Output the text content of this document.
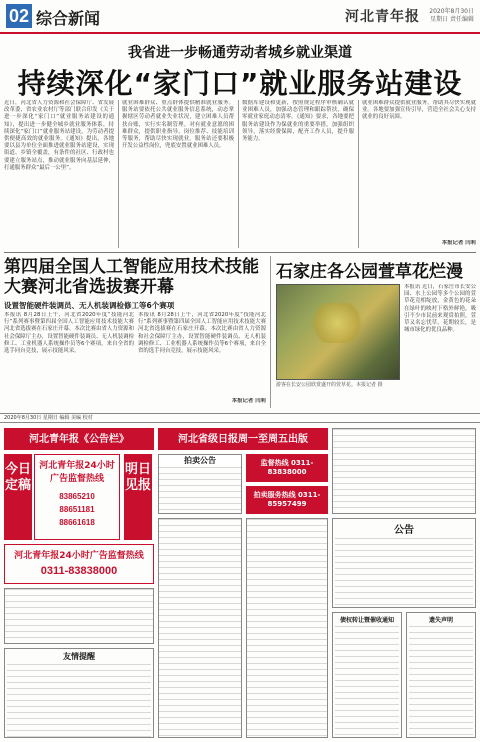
02 综合新闻	河北青年报	2020年8月30日 星期日 责任编辑
我省进一步畅通劳动者城乡就业渠道
持续深化“家门口”就业服务站建设
近日，河北省人力资源和社会保障厅、省发展改革委、省农业农村厅等部门联合印发《关于进一步深化“家门口”就业服务站建设的通知》，提出进一步健全城乡就业服务体系，持续深化“家门口”就业服务站建设，为劳动者提供便捷高效的就业服务。《通知》提出，各地要以县为单位全面推进就业服务站建设，实现街道、乡镇全覆盖，有条件的社区、行政村也要建立服务站点，推动就业服务向基层延伸，打通服务群众“最后一公里”。
就业困难群众、重点群体提供精准就业服务。服务站要依托公共就业服务信息系统，动态掌握辖区劳动者就业失业状况，建立困难人员帮扶台账，实行实名制管理。对有就业意愿的困难群众，提供职业指导、岗位推荐、技能培训等服务，帮助尽快实现就业。服务站还要积极开发公益性岗位，兜底安置就业困难人员。
数据库建设和更新，按照规定程序审核确认就业困难人员，加强动态管理和跟踪帮扶，确保零就业家庭动态清零。《通知》要求，各地要把服务站建设作为保就业的重要举措，加强组织领导，落实经费保障，配齐工作人员，提升服务能力。
就业困难群众提供就业服务，帮助其尽快实现就业。各地要加强宣传引导，营造全社会关心支持就业的良好氛围。
本报记者 闫莉
第四届全国人工智能应用技术技能大赛河北省选拔赛开幕
设置智能硬件装调员、无人机装调检修工等6个赛项
本报讯 8月28日上午，河北省2020年度“技能河北行”系列赛事暨第四届全国人工智能应用技术技能大赛河北省选拔赛在石家庄开幕。本次比赛由省人力资源和社会保障厅主办，设置智能硬件装调员、无人机装调检修工、工业机器人系统操作员等6个赛项，来自全省的选手同台竞技，展示技能风采。
本报讯 8月28日上午，河北省2020年度“技能河北行”系列赛事暨第四届全国人工智能应用技术技能大赛河北省选拔赛在石家庄开幕。本次比赛由省人力资源和社会保障厅主办，设置智能硬件装调员、无人机装调检修工、工业机器人系统操作员等6个赛项，来自全省的选手同台竞技，展示技能风采。
本报记者 闫莉
石家庄各公园萱草花烂漫
游客在长安公园欣赏盛开的萱草花。本报记者 摄
本报讯 近日，石家庄市长安公园、水上公园等多个公园的萱草花竞相绽放，金黄色的花朵在绿叶的映衬下格外鲜艳，吸引不少市民前来观赏拍照。萱草又名忘忧草，花期较长，是城市绿化的优良品种。
2020年8月30日 星期日 编辑 美编 校对
河北青年报《公告栏》
今日定稿
河北青年报24小时广告监督热线
83865210
88651181
88661618
明日见报
河北青年报24小时广告监督热线
0311-83838000
友情提醒
河北省级日报周一至周五出版
拍卖公告	监督热线 0311-83838000
拍卖服务热线 0311-85957499
公告
债权转让暨催收通知	遗失声明
